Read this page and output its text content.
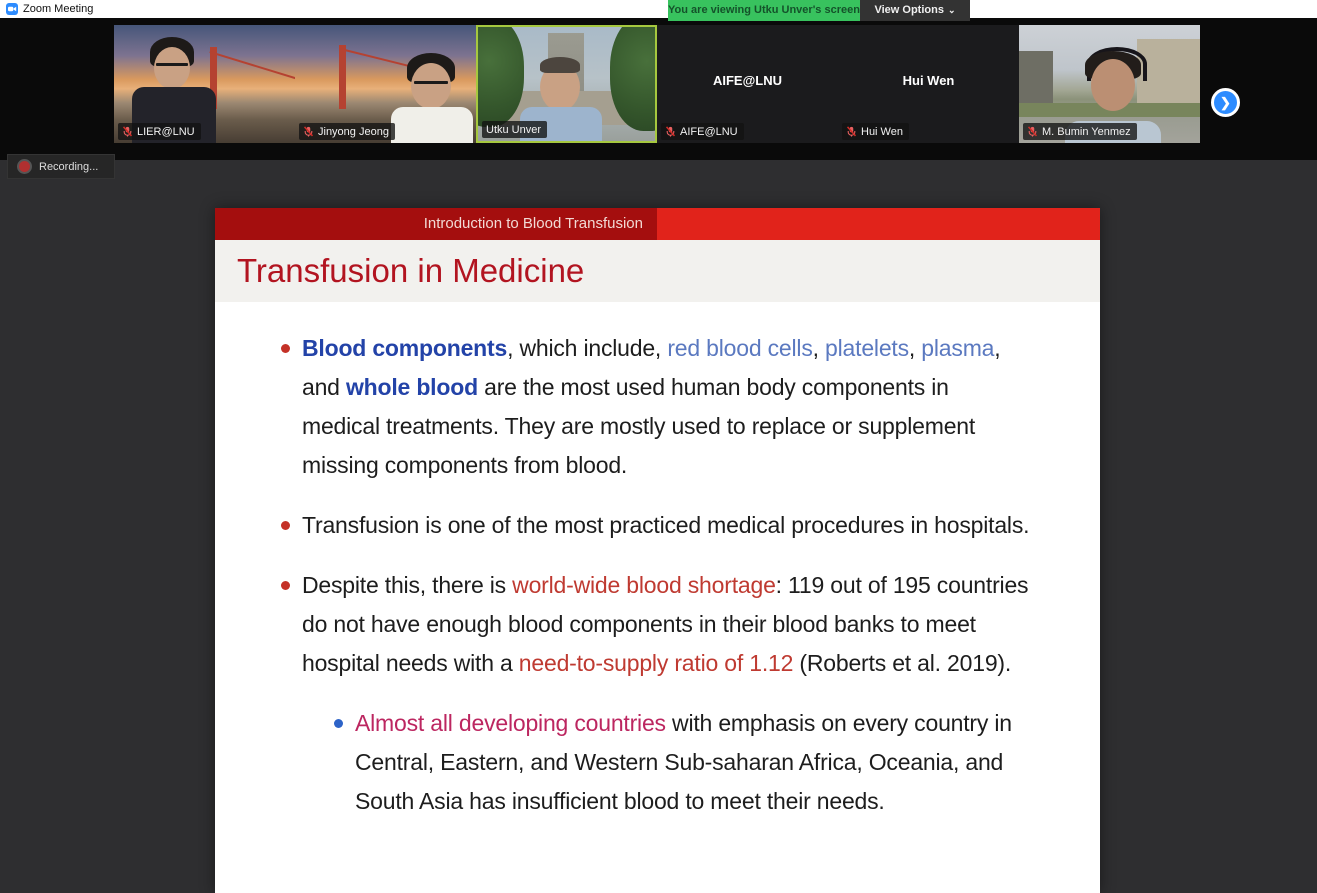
Zoom Meeting	You are viewing Utku Unver's screen	View Options ⌄
LIER@LNU	Jinyong Jeong	Utku Unver
AIFE@LNU
AIFE@LNU
Hui Wen
Hui Wen	M. Bumin Yenmez
❯
Recording...
Introduction to Blood Transfusion
Transfusion in Medicine
Blood components, which include, red blood cells, platelets, plasma, and whole blood are the most used human body components in medical treatments. They are mostly used to replace or supplement missing components from blood.
Transfusion is one of the most practiced medical procedures in hospitals.
Despite this, there is world-wide blood shortage: 119 out of 195 countries do not have enough blood components in their blood banks to meet hospital needs with a need-to-supply ratio of 1.12 (Roberts et al. 2019).
Almost all developing countries with emphasis on every country in Central, Eastern, and Western Sub-saharan Africa, Oceania, and South Asia has insufficient blood to meet their needs.
